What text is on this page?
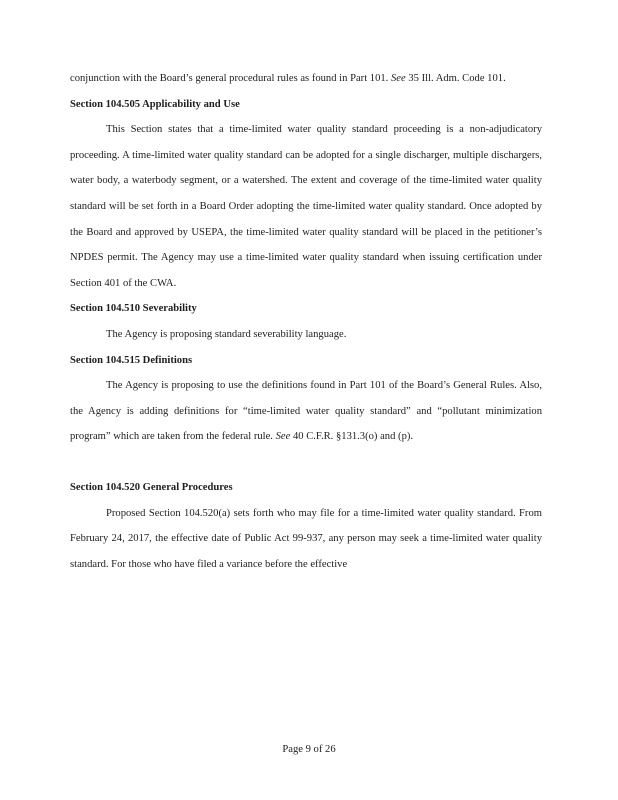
conjunction with the Board’s general procedural rules as found in Part 101. See 35 Ill. Adm. Code 101.

Section 104.505 Applicability and Use

This Section states that a time-limited water quality standard proceeding is a non-adjudicatory proceeding. A time-limited water quality standard can be adopted for a single discharger, multiple dischargers, water body, a waterbody segment, or a watershed. The extent and coverage of the time-limited water quality standard will be set forth in a Board Order adopting the time-limited water quality standard. Once adopted by the Board and approved by USEPA, the time-limited water quality standard will be placed in the petitioner’s NPDES permit. The Agency may use a time-limited water quality standard when issuing certification under Section 401 of the CWA.

Section 104.510 Severability

The Agency is proposing standard severability language.

Section 104.515 Definitions

The Agency is proposing to use the definitions found in Part 101 of the Board’s General Rules. Also, the Agency is adding definitions for “time-limited water quality standard” and “pollutant minimization program” which are taken from the federal rule. See 40 C.F.R. §131.3(o) and (p).

Section 104.520 General Procedures

Proposed Section 104.520(a) sets forth who may file for a time-limited water quality standard. From February 24, 2017, the effective date of Public Act 99-937, any person may seek a time-limited water quality standard. For those who have filed a variance before the effective

Page 9 of 26
